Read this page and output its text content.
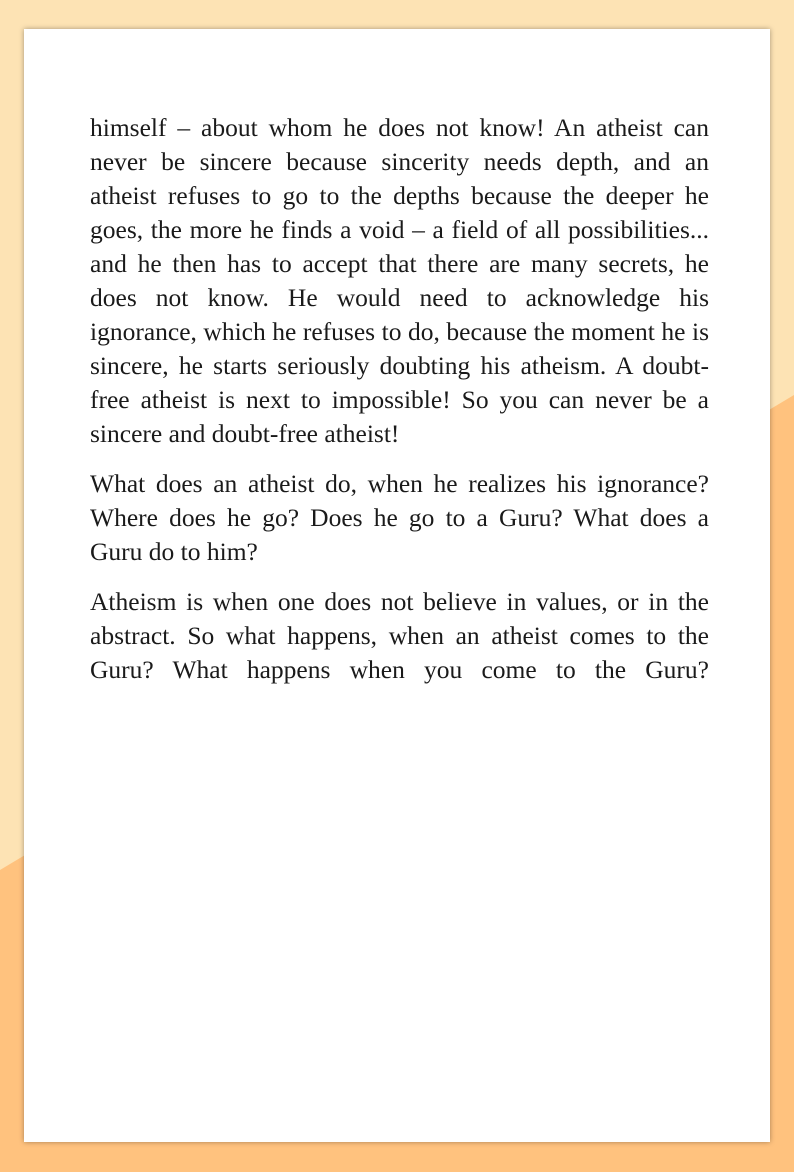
himself – about whom he does not know! An atheist can never be sincere because sincerity needs depth, and an atheist refuses to go to the depths because the deeper he goes, the more he finds a void – a field of all possibilities... and he then has to accept that there are many secrets, he does not know. He would need to acknowledge his ignorance, which he refuses to do, because the moment he is sincere, he starts seriously doubting his atheism. A doubt-free atheist is next to impossible! So you can never be a sincere and doubt-free atheist!

What does an atheist do, when he realizes his ignorance? Where does he go? Does he go to a Guru? What does a Guru do to him?

Atheism is when one does not believe in values, or in the abstract. So what happens, when an atheist comes to the Guru? What happens when you come to the Guru?
